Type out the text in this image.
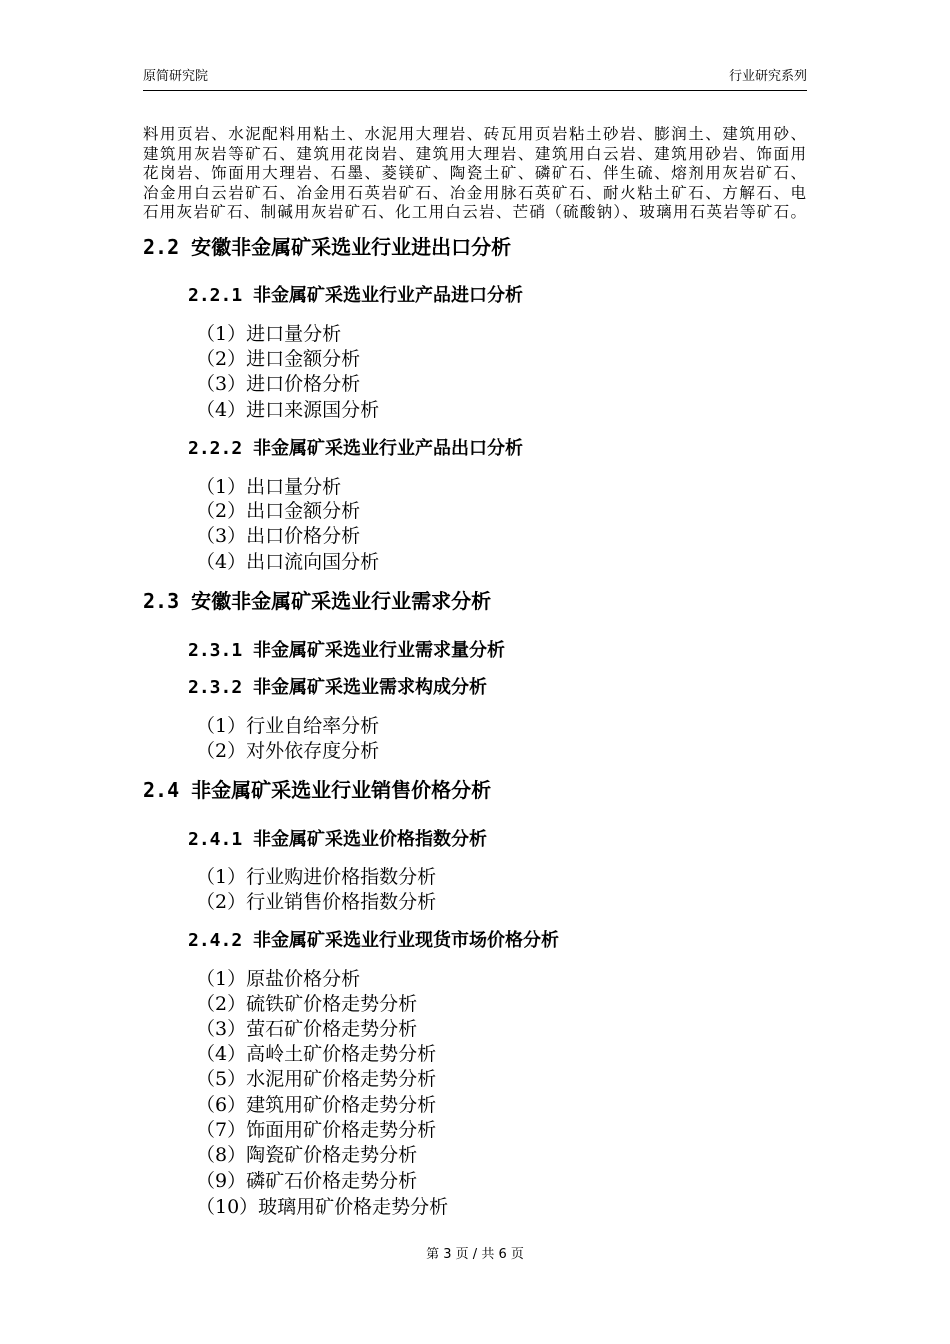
原简研究院	行业研究系列
料用页岩、水泥配料用粘土、水泥用大理岩、砖瓦用页岩粘土砂岩、膨润土、建筑用砂、
建筑用灰岩等矿石、建筑用花岗岩、建筑用大理岩、建筑用白云岩、建筑用砂岩、饰面用
花岗岩、饰面用大理岩、石墨、菱镁矿、陶瓷土矿、磷矿石、伴生硫、熔剂用灰岩矿石、
冶金用白云岩矿石、冶金用石英岩矿石、冶金用脉石英矿石、耐火粘土矿石、方解石、电
石用灰岩矿石、制碱用灰岩矿石、化工用白云岩、芒硝（硫酸钠）、玻璃用石英岩等矿石。
2.2 安徽非金属矿采选业行业进出口分析
2.2.1 非金属矿采选业行业产品进口分析
（1）进口量分析
（2）进口金额分析
（3）进口价格分析
（4）进口来源国分析
2.2.2 非金属矿采选业行业产品出口分析
（1）出口量分析
（2）出口金额分析
（3）出口价格分析
（4）出口流向国分析
2.3 安徽非金属矿采选业行业需求分析
2.3.1 非金属矿采选业行业需求量分析
2.3.2 非金属矿采选业需求构成分析
（1）行业自给率分析
（2）对外依存度分析
2.4 非金属矿采选业行业销售价格分析
2.4.1 非金属矿采选业价格指数分析
（1）行业购进价格指数分析
（2）行业销售价格指数分析
2.4.2 非金属矿采选业行业现货市场价格分析
（1）原盐价格分析
（2）硫铁矿价格走势分析
（3）萤石矿价格走势分析
（4）高岭土矿价格走势分析
（5）水泥用矿价格走势分析
（6）建筑用矿价格走势分析
（7）饰面用矿价格走势分析
（8）陶瓷矿价格走势分析
（9）磷矿石价格走势分析
（10）玻璃用矿价格走势分析
第 3 页 / 共 6 页
